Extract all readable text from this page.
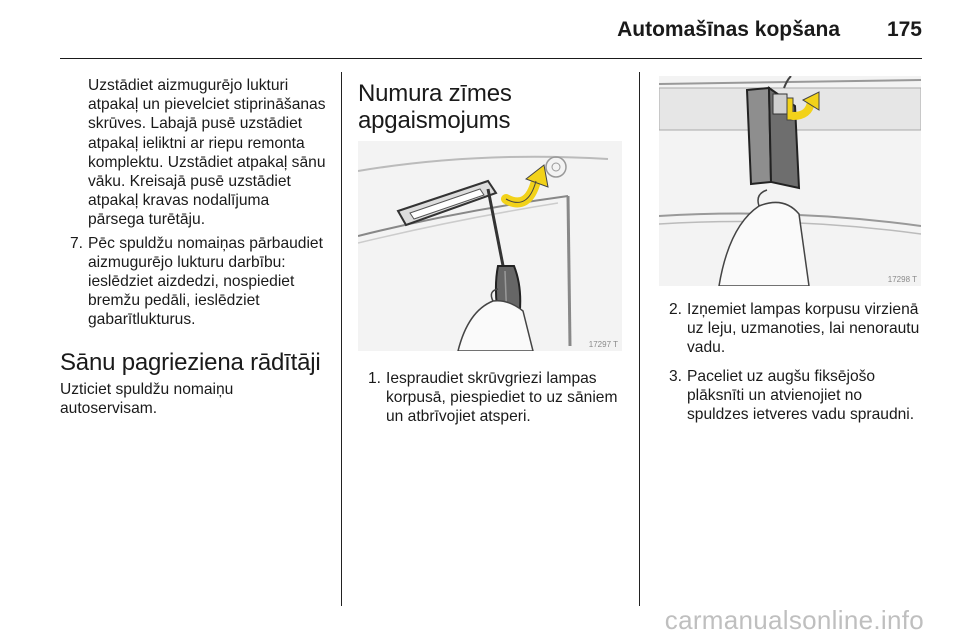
Automašīnas kopšana	175

Uzstādiet aizmugurējo lukturi atpakaļ un pievelciet stiprināšanas skrūves. Labajā pusē uzstādiet atpakaļ ieliktni ar riepu remonta komplektu. Uzstādiet atpakaļ sānu vāku. Kreisajā pusē uzstādiet atpakaļ kravas nodalījuma pārsega turētāju.

7. Pēc spuldžu nomaiņas pārbaudiet aizmugurējo lukturu darbību: ieslēdziet aizdedzi, nospiediet bremžu pedāli, ieslēdziet gabarītlukturus.
Sānu pagrieziena rādītāji

Uzticiet spuldžu nomaiņu autoservisam.

Numura zīmes apgaismojums
17297 T
1. Iespraudiet skrūvgriezi lampas korpusā, piespiediet to uz sāniem un atbrīvojiet atsperi.
17298 T
2. Izņemiet lampas korpusu virzienā uz leju, uzmanoties, lai nenorautu vadu.
3. Paceliet uz augšu fiksējošo plāksnīti un atvienojiet no spuldzes ietveres vadu spraudni.
carmanualsonline.info
